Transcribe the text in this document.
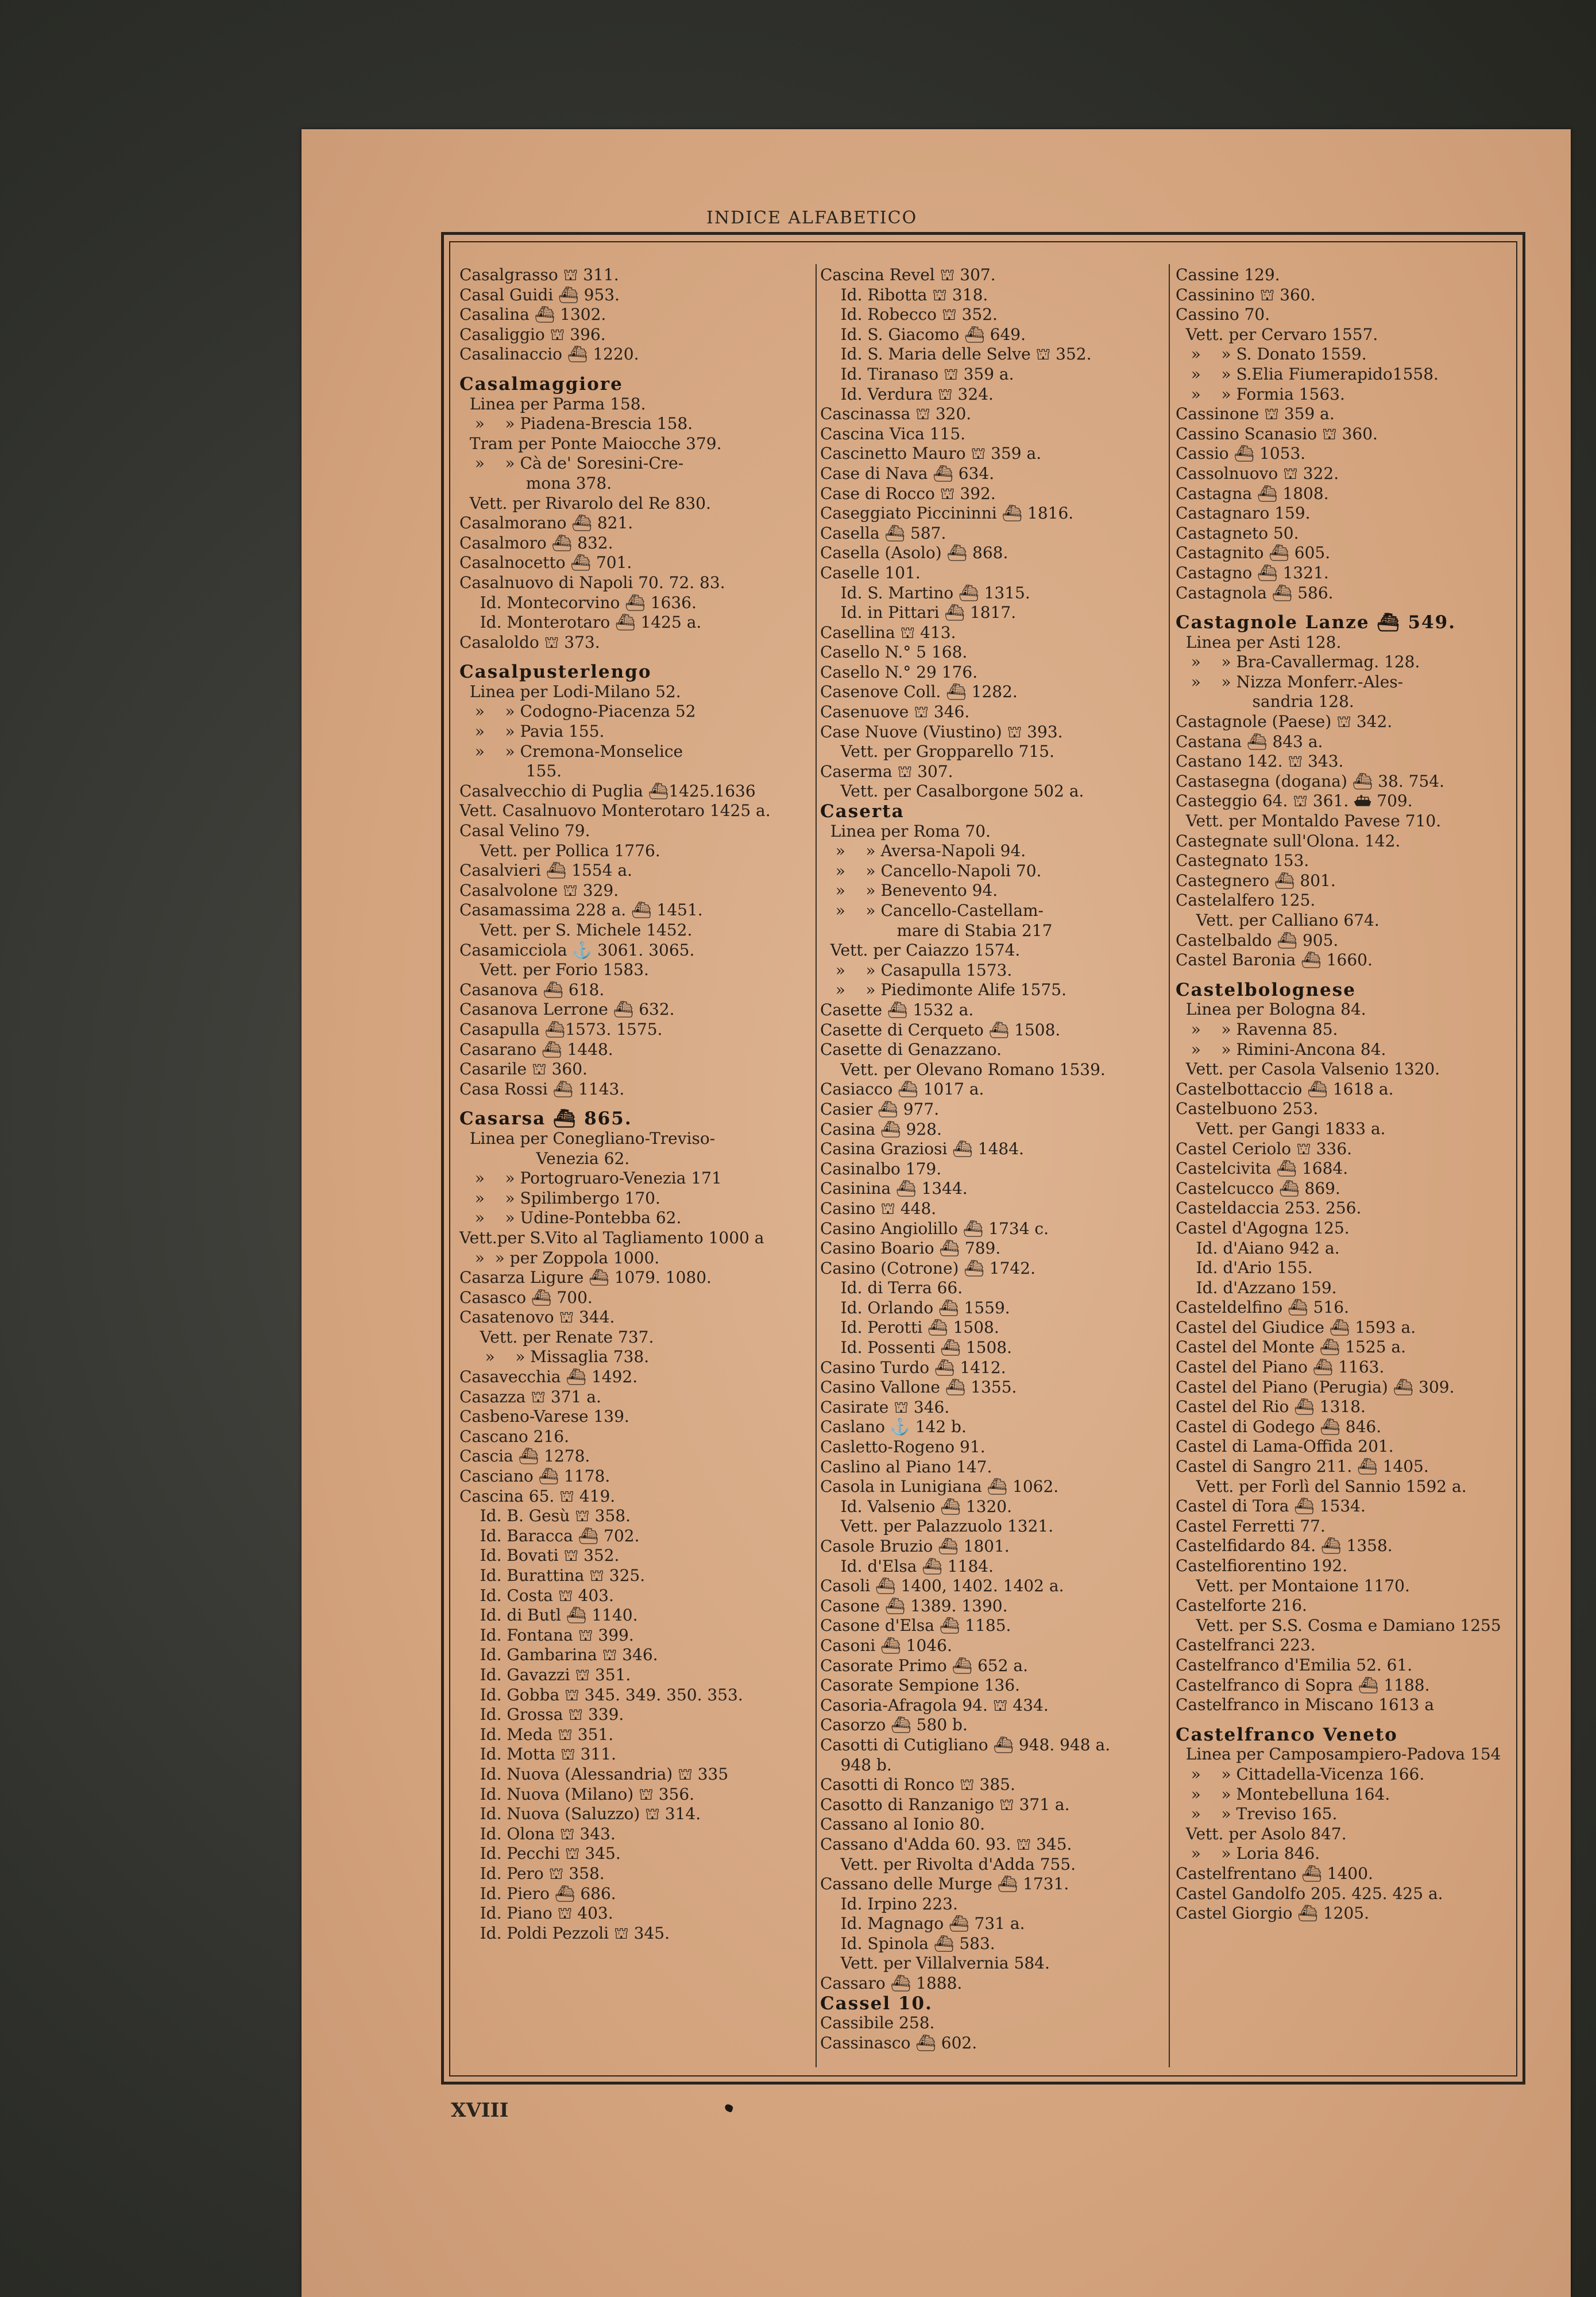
INDICE ALFABETICO
Casalgrasso ⛫ 311.
Casal Guidi ⛴ 953.
Casalina ⛴ 1302.
Casaliggio ⛫ 396.
Casalinaccio ⛴ 1220.
Casalmaggiore
Linea per Parma 158.
»    » Piadena-Brescia 158.
Tram per Ponte Maiocche 379.
»    » Cà de' Soresini-Cre-
mona 378.
Vett. per Rivarolo del Re 830.
Casalmorano ⛴ 821.
Casalmoro ⛴ 832.
Casalnocetto ⛴ 701.
Casalnuovo di Napoli 70. 72. 83.
Id. Montecorvino ⛴ 1636.
Id. Monterotaro ⛴ 1425 a.
Casaloldo ⛫ 373.
Casalpusterlengo
Linea per Lodi-Milano 52.
»    » Codogno-Piacenza 52
»    » Pavia 155.
»    » Cremona-Monselice
155.
Casalvecchio di Puglia ⛴1425.1636
Vett. Casalnuovo Monterotaro 1425 a.
Casal Velino 79.
Vett. per Pollica 1776.
Casalvieri ⛴ 1554 a.
Casalvolone ⛫ 329.
Casamassima 228 a. ⛴ 1451.
Vett. per S. Michele 1452.
Casamicciola ⚓ 3061. 3065.
Vett. per Forio 1583.
Casanova ⛴ 618.
Casanova Lerrone ⛴ 632.
Casapulla ⛴1573. 1575.
Casarano ⛴ 1448.
Casarile ⛫ 360.
Casa Rossi ⛴ 1143.
Casarsa ⛴ 865.
Linea per Conegliano-Treviso-
Venezia 62.
»    » Portogruaro-Venezia 171
»    » Spilimbergo 170.
»    » Udine-Pontebba 62.
Vett.per S.Vito al Tagliamento 1000 a
»  » per Zoppola 1000.
Casarza Ligure ⛴ 1079. 1080.
Casasco ⛴ 700.
Casatenovo ⛫ 344.
Vett. per Renate 737.
»    » Missaglia 738.
Casavecchia ⛴ 1492.
Casazza ⛫ 371 a.
Casbeno-Varese 139.
Cascano 216.
Cascia ⛴ 1278.
Casciano ⛴ 1178.
Cascina 65. ⛫ 419.
Id. B. Gesù ⛫ 358.
Id. Baracca ⛴ 702.
Id. Bovati ⛫ 352.
Id. Burattina ⛫ 325.
Id. Costa ⛫ 403.
Id. di Butl ⛴ 1140.
Id. Fontana ⛫ 399.
Id. Gambarina ⛫ 346.
Id. Gavazzi ⛫ 351.
Id. Gobba ⛫ 345. 349. 350. 353.
Id. Grossa ⛫ 339.
Id. Meda ⛫ 351.
Id. Motta ⛫ 311.
Id. Nuova (Alessandria) ⛫ 335
Id. Nuova (Milano) ⛫ 356.
Id. Nuova (Saluzzo) ⛫ 314.
Id. Olona ⛫ 343.
Id. Pecchi ⛫ 345.
Id. Pero ⛫ 358.
Id. Piero ⛴ 686.
Id. Piano ⛫ 403.
Id. Poldi Pezzoli ⛫ 345.
Cascina Revel ⛫ 307.
Id. Ribotta ⛫ 318.
Id. Robecco ⛫ 352.
Id. S. Giacomo ⛴ 649.
Id. S. Maria delle Selve ⛫ 352.
Id. Tiranaso ⛫ 359 a.
Id. Verdura ⛫ 324.
Cascinassa ⛫ 320.
Cascina Vica 115.
Cascinetto Mauro ⛫ 359 a.
Case di Nava ⛴ 634.
Case di Rocco ⛫ 392.
Caseggiato Piccininni ⛴ 1816.
Casella ⛴ 587.
Casella (Asolo) ⛴ 868.
Caselle 101.
Id. S. Martino ⛴ 1315.
Id. in Pittari ⛴ 1817.
Casellina ⛫ 413.
Casello N.° 5 168.
Casello N.° 29 176.
Casenove Coll. ⛴ 1282.
Casenuove ⛫ 346.
Case Nuove (Viustino) ⛫ 393.
Vett. per Gropparello 715.
Caserma ⛫ 307.
Vett. per Casalborgone 502 a.
Caserta
Linea per Roma 70.
»    » Aversa-Napoli 94.
»    » Cancello-Napoli 70.
»    » Benevento 94.
»    » Cancello-Castellam-
mare di Stabia 217
Vett. per Caiazzo 1574.
»    » Casapulla 1573.
»    » Piedimonte Alife 1575.
Casette ⛴ 1532 a.
Casette di Cerqueto ⛴ 1508.
Casette di Genazzano.
Vett. per Olevano Romano 1539.
Casiacco ⛴ 1017 a.
Casier ⛴ 977.
Casina ⛴ 928.
Casina Graziosi ⛴ 1484.
Casinalbo 179.
Casinina ⛴ 1344.
Casino ⛫ 448.
Casino Angiolillo ⛴ 1734 c.
Casino Boario ⛴ 789.
Casino (Cotrone) ⛴ 1742.
Id. di Terra 66.
Id. Orlando ⛴ 1559.
Id. Perotti ⛴ 1508.
Id. Possenti ⛴ 1508.
Casino Turdo ⛴ 1412.
Casino Vallone ⛴ 1355.
Casirate ⛫ 346.
Caslano ⚓ 142 b.
Casletto-Rogeno 91.
Caslino al Piano 147.
Casola in Lunigiana ⛴ 1062.
Id. Valsenio ⛴ 1320.
Vett. per Palazzuolo 1321.
Casole Bruzio ⛴ 1801.
Id. d'Elsa ⛴ 1184.
Casoli ⛴ 1400, 1402. 1402 a.
Casone ⛴ 1389. 1390.
Casone d'Elsa ⛴ 1185.
Casoni ⛴ 1046.
Casorate Primo ⛴ 652 a.
Casorate Sempione 136.
Casoria-Afragola 94. ⛫ 434.
Casorzo ⛴ 580 b.
Casotti di Cutigliano ⛴ 948. 948 a.
948 b.
Casotti di Ronco ⛫ 385.
Casotto di Ranzanigo ⛫ 371 a.
Cassano al Ionio 80.
Cassano d'Adda 60. 93. ⛫ 345.
Vett. per Rivolta d'Adda 755.
Cassano delle Murge ⛴ 1731.
Id. Irpino 223.
Id. Magnago ⛴ 731 a.
Id. Spinola ⛴ 583.
Vett. per Villalvernia 584.
Cassaro ⛴ 1888.
Cassel 10.
Cassibile 258.
Cassinasco ⛴ 602.
Cassine 129.
Cassinino ⛫ 360.
Cassino 70.
Vett. per Cervaro 1557.
»    » S. Donato 1559.
»    » S.Elia Fiumerapido1558.
»    » Formia 1563.
Cassinone ⛫ 359 a.
Cassino Scanasio ⛫ 360.
Cassio ⛴ 1053.
Cassolnuovo ⛫ 322.
Castagna ⛴ 1808.
Castagnaro 159.
Castagneto 50.
Castagnito ⛴ 605.
Castagno ⛴ 1321.
Castagnola ⛴ 586.
Castagnole Lanze ⛴ 549.
Linea per Asti 128.
»    » Bra-Cavallermag. 128.
»    » Nizza Monferr.-Ales-
sandria 128.
Castagnole (Paese) ⛫ 342.
Castana ⛴ 843 a.
Castano 142. ⛫ 343.
Castasegna (dogana) ⛴ 38. 754.
Casteggio 64. ⛫ 361. ⛴ 709.
Vett. per Montaldo Pavese 710.
Castegnate sull'Olona. 142.
Castegnato 153.
Castegnero ⛴ 801.
Castelalfero 125.
Vett. per Calliano 674.
Castelbaldo ⛴ 905.
Castel Baronia ⛴ 1660.
Castelbolognese
Linea per Bologna 84.
»    » Ravenna 85.
»    » Rimini-Ancona 84.
Vett. per Casola Valsenio 1320.
Castelbottaccio ⛴ 1618 a.
Castelbuono 253.
Vett. per Gangi 1833 a.
Castel Ceriolo ⛫ 336.
Castelcivita ⛴ 1684.
Castelcucco ⛴ 869.
Casteldaccia 253. 256.
Castel d'Agogna 125.
Id. d'Aiano 942 a.
Id. d'Ario 155.
Id. d'Azzano 159.
Casteldelfino ⛴ 516.
Castel del Giudice ⛴ 1593 a.
Castel del Monte ⛴ 1525 a.
Castel del Piano ⛴ 1163.
Castel del Piano (Perugia) ⛴ 309.
Castel del Rio ⛴ 1318.
Castel di Godego ⛴ 846.
Castel di Lama-Offida 201.
Castel di Sangro 211. ⛴ 1405.
Vett. per Forlì del Sannio 1592 a.
Castel di Tora ⛴ 1534.
Castel Ferretti 77.
Castelfidardo 84. ⛴ 1358.
Castelfiorentino 192.
Vett. per Montaione 1170.
Castelforte 216.
Vett. per S.S. Cosma e Damiano 1255
Castelfranci 223.
Castelfranco d'Emilia 52. 61.
Castelfranco di Sopra ⛴ 1188.
Castelfranco in Miscano 1613 a
Castelfranco Veneto
Linea per Camposampiero-Padova 154
»    » Cittadella-Vicenza 166.
»    » Montebelluna 164.
»    » Treviso 165.
Vett. per Asolo 847.
»    » Loria 846.
Castelfrentano ⛴ 1400.
Castel Gandolfo 205. 425. 425 a.
Castel Giorgio ⛴ 1205.
XVIII
